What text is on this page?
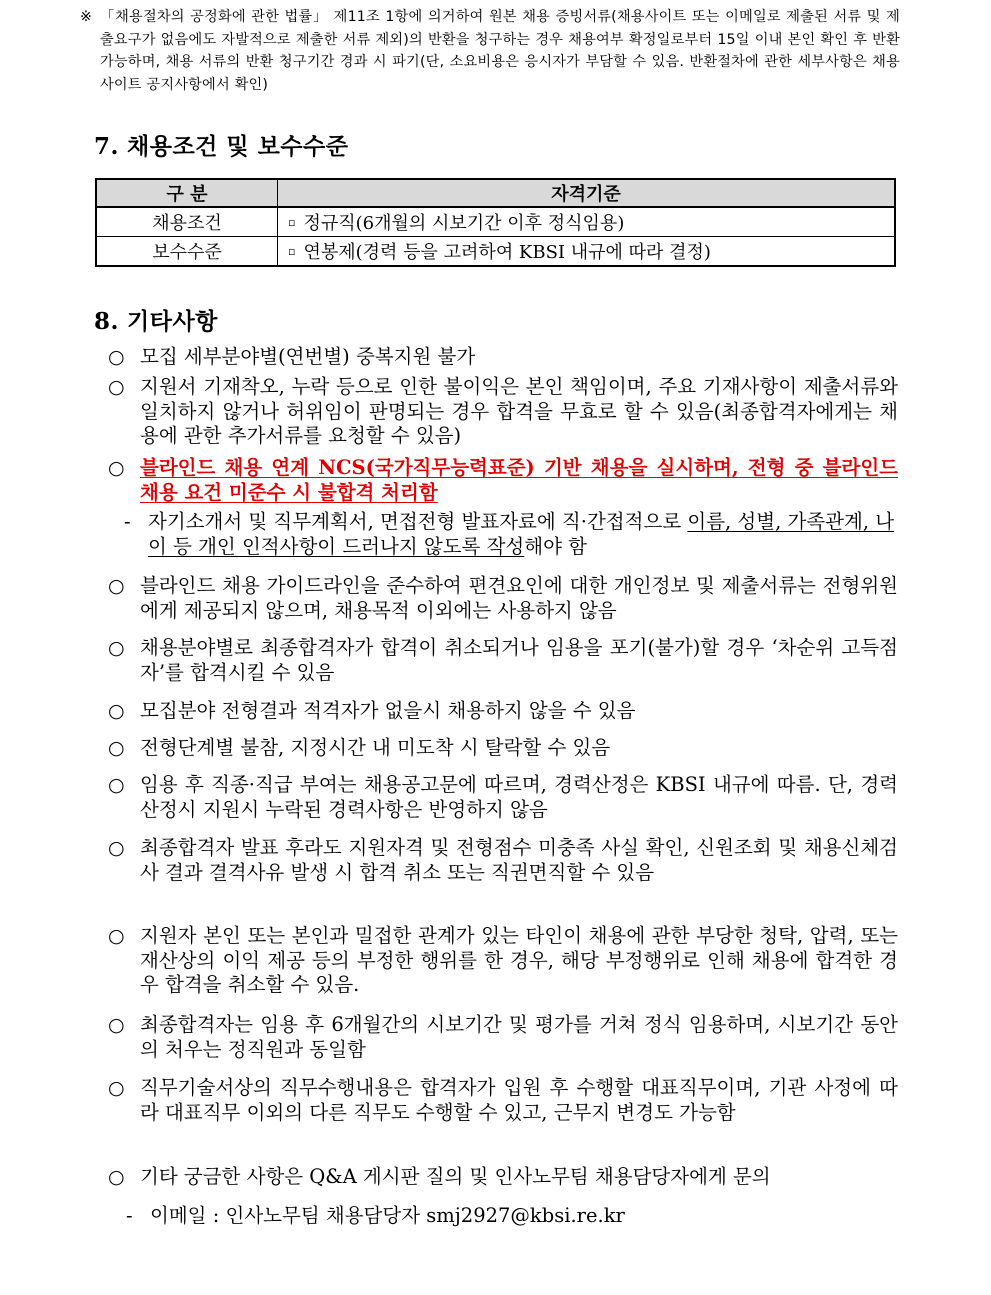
※ 「채용절차의 공정화에 관한 법률」 제11조 1항에 의거하여 원본 채용 증빙서류(채용사이트 또는 이메일로 제출된 서류 및 제출요구가 없음에도 자발적으로 제출한 서류 제외)의 반환을 청구하는 경우 채용여부 확정일로부터 15일 이내 본인 확인 후 반환 가능하며, 채용 서류의 반환 청구기간 경과 시 파기(단, 소요비용은 응시자가 부담할 수 있음. 반환절차에 관한 세부사항은 채용사이트 공지사항에서 확인)
7. 채용조건 및 보수수준
구 분	자격기준
채용조건	▫ 정규직(6개월의 시보기간 이후 정식임용)
보수수준	▫ 연봉제(경력 등을 고려하여 KBSI 내규에 따라 결정)
8. 기타사항
○ 모집 세부분야별(연번별) 중복지원 불가
○ 지원서 기재착오, 누락 등으로 인한 불이익은 본인 책임이며, 주요 기재사항이 제출서류와 일치하지 않거나 허위임이 판명되는 경우 합격을 무효로 할 수 있음(최종합격자에게는 채용에 관한 추가서류를 요청할 수 있음)
○ 블라인드 채용 연계 NCS(국가직무능력표준) 기반 채용을 실시하며, 전형 중 블라인드 채용 요건 미준수 시 불합격 처리함
- 자기소개서 및 직무계획서, 면접전형 발표자료에 직·간접적으로 이름, 성별, 가족관계, 나이 등 개인 인적사항이 드러나지 않도록 작성해야 함
○ 블라인드 채용 가이드라인을 준수하여 편견요인에 대한 개인정보 및 제출서류는 전형위원에게 제공되지 않으며, 채용목적 이외에는 사용하지 않음
○ 채용분야별로 최종합격자가 합격이 취소되거나 임용을 포기(불가)할 경우 ‘차순위 고득점자’를 합격시킬 수 있음
○ 모집분야 전형결과 적격자가 없을시 채용하지 않을 수 있음
○ 전형단계별 불참, 지정시간 내 미도착 시 탈락할 수 있음
○ 임용 후 직종·직급 부여는 채용공고문에 따르며, 경력산정은 KBSI 내규에 따름. 단, 경력산정시 지원시 누락된 경력사항은 반영하지 않음
○ 최종합격자 발표 후라도 지원자격 및 전형점수 미충족 사실 확인, 신원조회 및 채용신체검사 결과 결격사유 발생 시 합격 취소 또는 직권면직할 수 있음
○ 지원자 본인 또는 본인과 밀접한 관계가 있는 타인이 채용에 관한 부당한 청탁, 압력, 또는 재산상의 이익 제공 등의 부정한 행위를 한 경우, 해당 부정행위로 인해 채용에 합격한 경우 합격을 취소할 수 있음.
○ 최종합격자는 임용 후 6개월간의 시보기간 및 평가를 거쳐 정식 임용하며, 시보기간 동안의 처우는 정직원과 동일함
○ 직무기술서상의 직무수행내용은 합격자가 입원 후 수행할 대표직무이며, 기관 사정에 따라 대표직무 이외의 다른 직무도 수행할 수 있고, 근무지 변경도 가능함
○ 기타 궁금한 사항은 Q&A 게시판 질의 및 인사노무팀 채용담당자에게 문의
- 이메일 : 인사노무팀 채용담당자 smj2927@kbsi.re.kr
